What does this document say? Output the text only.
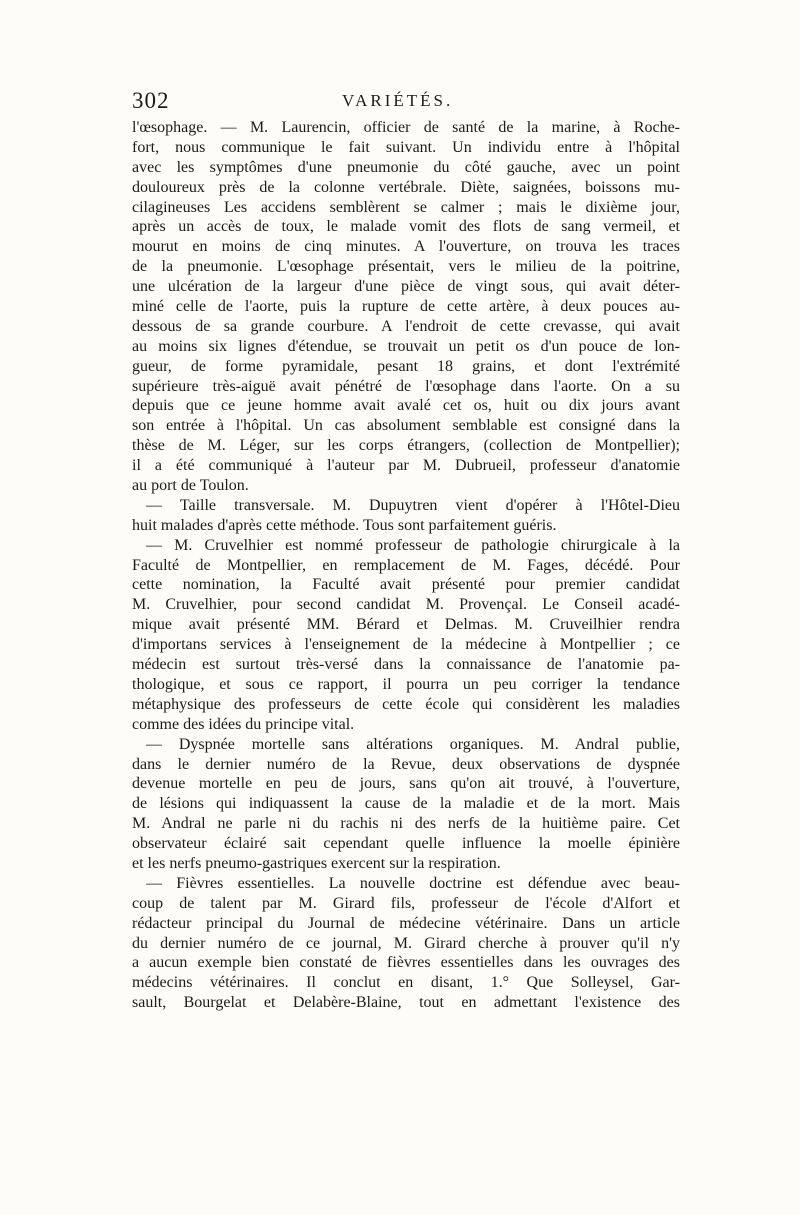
302	VARIÉTÉS.
l'œsophage. — M. Laurencin, officier de santé de la marine, à Roche-
fort, nous communique le fait suivant. Un individu entre à l'hôpital
avec les symptômes d'une pneumonie du côté gauche, avec un point
douloureux près de la colonne vertébrale. Diète, saignées, boissons mu-
cilagineuses Les accidens semblèrent se calmer ; mais le dixième jour,
après un accès de toux, le malade vomit des flots de sang vermeil, et
mourut en moins de cinq minutes. A l'ouverture, on trouva les traces
de la pneumonie. L'œsophage présentait, vers le milieu de la poitrine,
une ulcération de la largeur d'une pièce de vingt sous, qui avait déter-
miné celle de l'aorte, puis la rupture de cette artère, à deux pouces au-
dessous de sa grande courbure. A l'endroit de cette crevasse, qui avait
au moins six lignes d'étendue, se trouvait un petit os d'un pouce de lon-
gueur, de forme pyramidale, pesant 18 grains, et dont l'extrémité
supérieure très-aiguë avait pénétré de l'œsophage dans l'aorte. On a su
depuis que ce jeune homme avait avalé cet os, huit ou dix jours avant
son entrée à l'hôpital. Un cas absolument semblable est consigné dans la
thèse de M. Léger, sur les corps étrangers, (collection de Montpellier);
il a été communiqué à l'auteur par M. Dubrueil, professeur d'anatomie
au port de Toulon.
— Taille transversale. M. Dupuytren vient d'opérer à l'Hôtel-Dieu
huit malades d'après cette méthode. Tous sont parfaitement guéris.
— M. Cruvelhier est nommé professeur de pathologie chirurgicale à la
Faculté de Montpellier, en remplacement de M. Fages, décédé. Pour
cette nomination, la Faculté avait présenté pour premier candidat
M. Cruvelhier, pour second candidat M. Provençal. Le Conseil acadé-
mique avait présenté MM. Bérard et Delmas. M. Cruveilhier rendra
d'importans services à l'enseignement de la médecine à Montpellier ; ce
médecin est surtout très-versé dans la connaissance de l'anatomie pa-
thologique, et sous ce rapport, il pourra un peu corriger la tendance
métaphysique des professeurs de cette école qui considèrent les maladies
comme des idées du principe vital.
— Dyspnée mortelle sans altérations organiques. M. Andral publie,
dans le dernier numéro de la Revue, deux observations de dyspnée
devenue mortelle en peu de jours, sans qu'on ait trouvé, à l'ouverture,
de lésions qui indiquassent la cause de la maladie et de la mort. Mais
M. Andral ne parle ni du rachis ni des nerfs de la huitième paire. Cet
observateur éclairé sait cependant quelle influence la moelle épinière
et les nerfs pneumo-gastriques exercent sur la respiration.
— Fièvres essentielles. La nouvelle doctrine est défendue avec beau-
coup de talent par M. Girard fils, professeur de l'école d'Alfort et
rédacteur principal du Journal de médecine vétérinaire. Dans un article
du dernier numéro de ce journal, M. Girard cherche à prouver qu'il n'y
a aucun exemple bien constaté de fièvres essentielles dans les ouvrages des
médecins vétérinaires. Il conclut en disant, 1.° Que Solleysel, Gar-
sault, Bourgelat et Delabère-Blaine, tout en admettant l'existence des
